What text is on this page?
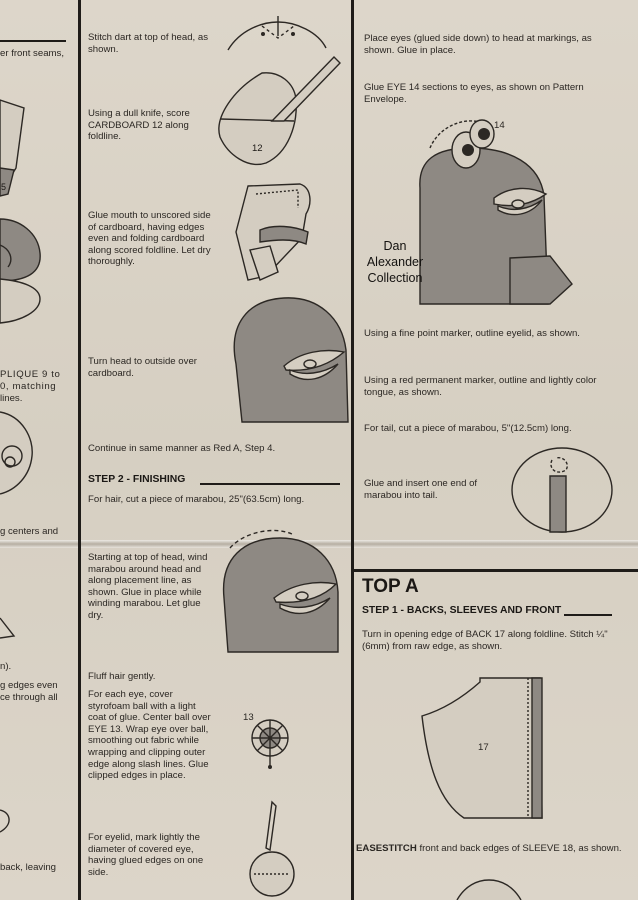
er front seams,
5
PLIQUE 9 to
0, matching
lines.
g centers and
n).
g edges even
ce through all
back, leaving
Stitch dart at top of head, as shown.
Using a dull knife, score CARDBOARD 12 along foldline.
12
Glue mouth to unscored side of cardboard, having edges even and folding cardboard along scored foldline. Let dry thoroughly.
Turn head to outside over cardboard.
Continue in same manner as Red A, Step 4.
STEP 2 - FINISHING
For hair, cut a piece of marabou, 25"(63.5cm) long.
Starting at top of head, wind marabou around head and along placement line, as shown. Glue in place while winding marabou. Let glue dry.
Fluff hair gently.
For each eye, cover styrofoam ball with a light coat of glue. Center ball over EYE 13. Wrap eye over ball, smoothing out fabric while wrapping and clipping outer edge along slash lines. Glue clipped edges in place.
13
For eyelid, mark lightly the diameter of covered eye, having glued edges on one side.
Place eyes (glued side down) to head at markings, as shown. Glue in place.
Glue EYE 14 sections to eyes, as shown on Pattern Envelope.
14
Dan Alexander
Collection
Using a fine point marker, outline eyelid, as shown.
Using a red permanent marker, outline and lightly color tongue, as shown.
For tail, cut a piece of marabou, 5"(12.5cm) long.
Glue and insert one end of marabou into tail.
TOP A
STEP 1 - BACKS, SLEEVES AND FRONT
Turn in opening edge of BACK 17 along foldline. Stitch ¼"(6mm) from raw edge, as shown.
17
EASESTITCH front and back edges of SLEEVE 18, as shown.
